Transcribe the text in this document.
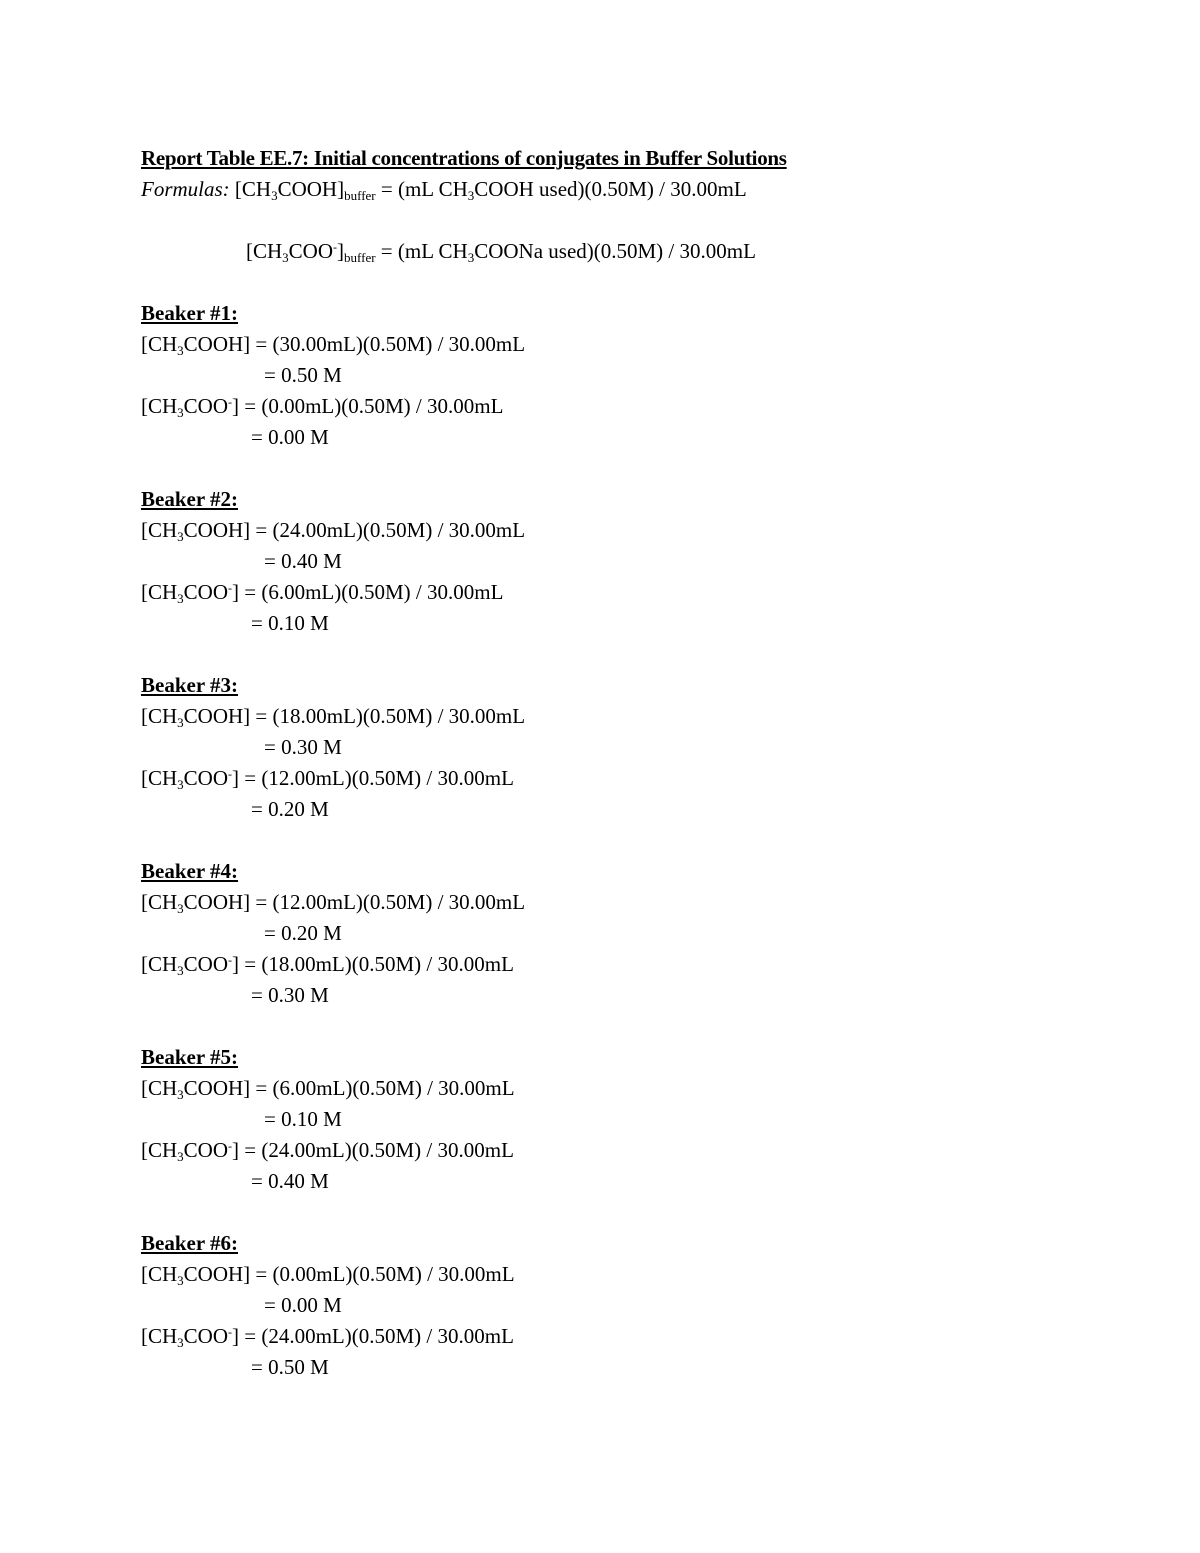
Report Table EE.7: Initial concentrations of conjugates in Buffer Solutions
Formulas: $[CH_3COOH]buffer = (mL$ $CH_3COOH$ used)(0.50M) / 30.00mL
$[CH_3COO^-]buffer = (mL$ $CH_3COONa$ used)(0.50M) / 30.00mL
Beaker #1:
$[CH_3COOH] = (30.00mL)(0.50M) / 30.00mL$
= 0.50 M
$[CH_3COO^-] = (0.00mL)(0.50M) / 30.00mL$
= 0.00 M
Beaker #2:
$[CH_3COOH] = (24.00mL)(0.50M) / 30.00mL$
= 0.40 M
$[CH_3COO^-] = (6.00mL)(0.50M) / 30.00mL$
= 0.10 M
Beaker #3:
$[CH_3COOH] = (18.00mL)(0.50M) / 30.00mL$
= 0.30 M
$[CH_3COO^-] = (12.00mL)(0.50M) / 30.00mL$
= 0.20 M
Beaker #4:
$[CH_3COOH] = (12.00mL)(0.50M) / 30.00mL$
= 0.20 M
$[CH_3COO^-] = (18.00mL)(0.50M) / 30.00mL$
= 0.30 M
Beaker #5:
$[CH_3COOH] = (6.00mL)(0.50M) / 30.00mL$
= 0.10 M
$[CH_3COO^-] = (24.00mL)(0.50M) / 30.00mL$
= 0.40 M
Beaker #6:
$[CH_3COOH] = (0.00mL)(0.50M) / 30.00mL$
= 0.00 M
$[CH_3COO^-] = (24.00mL)(0.50M) / 30.00mL$
= 0.50 M
